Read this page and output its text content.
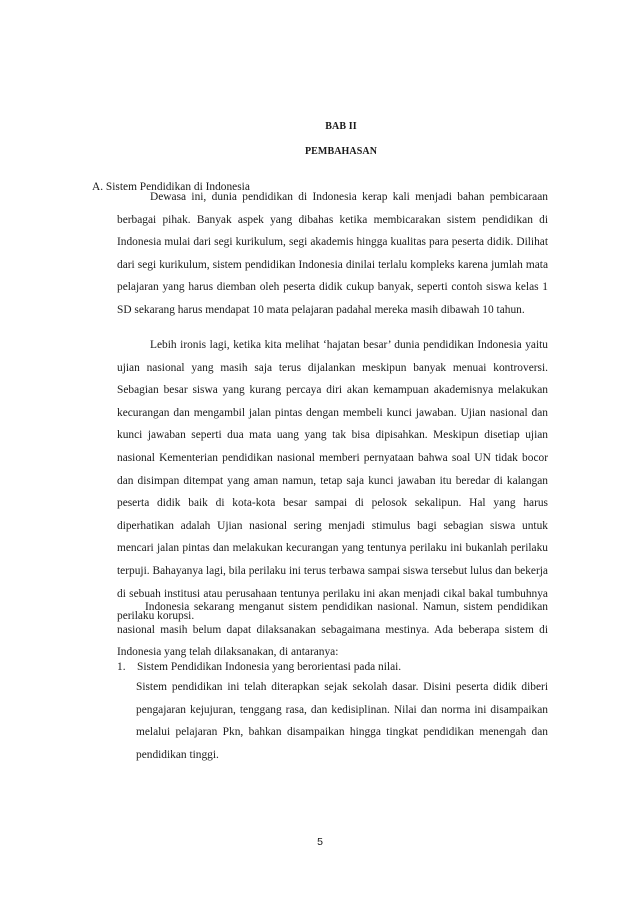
BAB II
PEMBAHASAN
A. Sistem Pendidikan di Indonesia

Dewasa ini, dunia pendidikan di Indonesia kerap kali menjadi bahan pembicaraan berbagai pihak. Banyak aspek yang dibahas ketika membicarakan sistem pendidikan di Indonesia mulai dari segi kurikulum, segi akademis hingga kualitas para peserta didik. Dilihat dari segi kurikulum, sistem pendidikan Indonesia dinilai terlalu kompleks karena jumlah mata pelajaran yang harus diemban oleh peserta didik cukup banyak, seperti contoh siswa kelas 1 SD sekarang harus mendapat 10 mata pelajaran padahal mereka masih dibawah 10 tahun.

Lebih ironis lagi, ketika kita melihat ‘hajatan besar’ dunia pendidikan Indonesia yaitu ujian nasional yang masih saja terus dijalankan meskipun banyak menuai kontroversi. Sebagian besar siswa yang kurang percaya diri akan kemampuan akademisnya melakukan kecurangan dan mengambil jalan pintas dengan membeli kunci jawaban. Ujian nasional dan kunci jawaban seperti dua mata uang yang tak bisa dipisahkan. Meskipun disetiap ujian nasional Kementerian pendidikan nasional memberi pernyataan bahwa soal UN tidak bocor dan disimpan ditempat yang aman namun, tetap saja kunci jawaban itu beredar di kalangan peserta didik baik di kota-kota besar sampai di pelosok sekalipun. Hal yang harus diperhatikan adalah Ujian nasional sering menjadi stimulus bagi sebagian siswa untuk mencari jalan pintas dan melakukan kecurangan yang tentunya perilaku ini bukanlah perilaku terpuji. Bahayanya lagi, bila perilaku ini terus terbawa sampai siswa tersebut lulus dan bekerja di sebuah institusi atau perusahaan tentunya perilaku ini akan menjadi cikal bakal tumbuhnya perilaku korupsi.

Indonesia sekarang menganut sistem pendidikan nasional. Namun, sistem pendidikan nasional masih belum dapat dilaksanakan sebagaimana mestinya. Ada beberapa sistem di Indonesia yang telah dilaksanakan, di antaranya:

1. Sistem Pendidikan Indonesia yang berorientasi pada nilai.

Sistem pendidikan ini telah diterapkan sejak sekolah dasar. Disini peserta didik diberi pengajaran kejujuran, tenggang rasa, dan kedisiplinan. Nilai dan norma ini disampaikan melalui pelajaran Pkn, bahkan disampaikan hingga tingkat pendidikan menengah dan pendidikan tinggi.

5
